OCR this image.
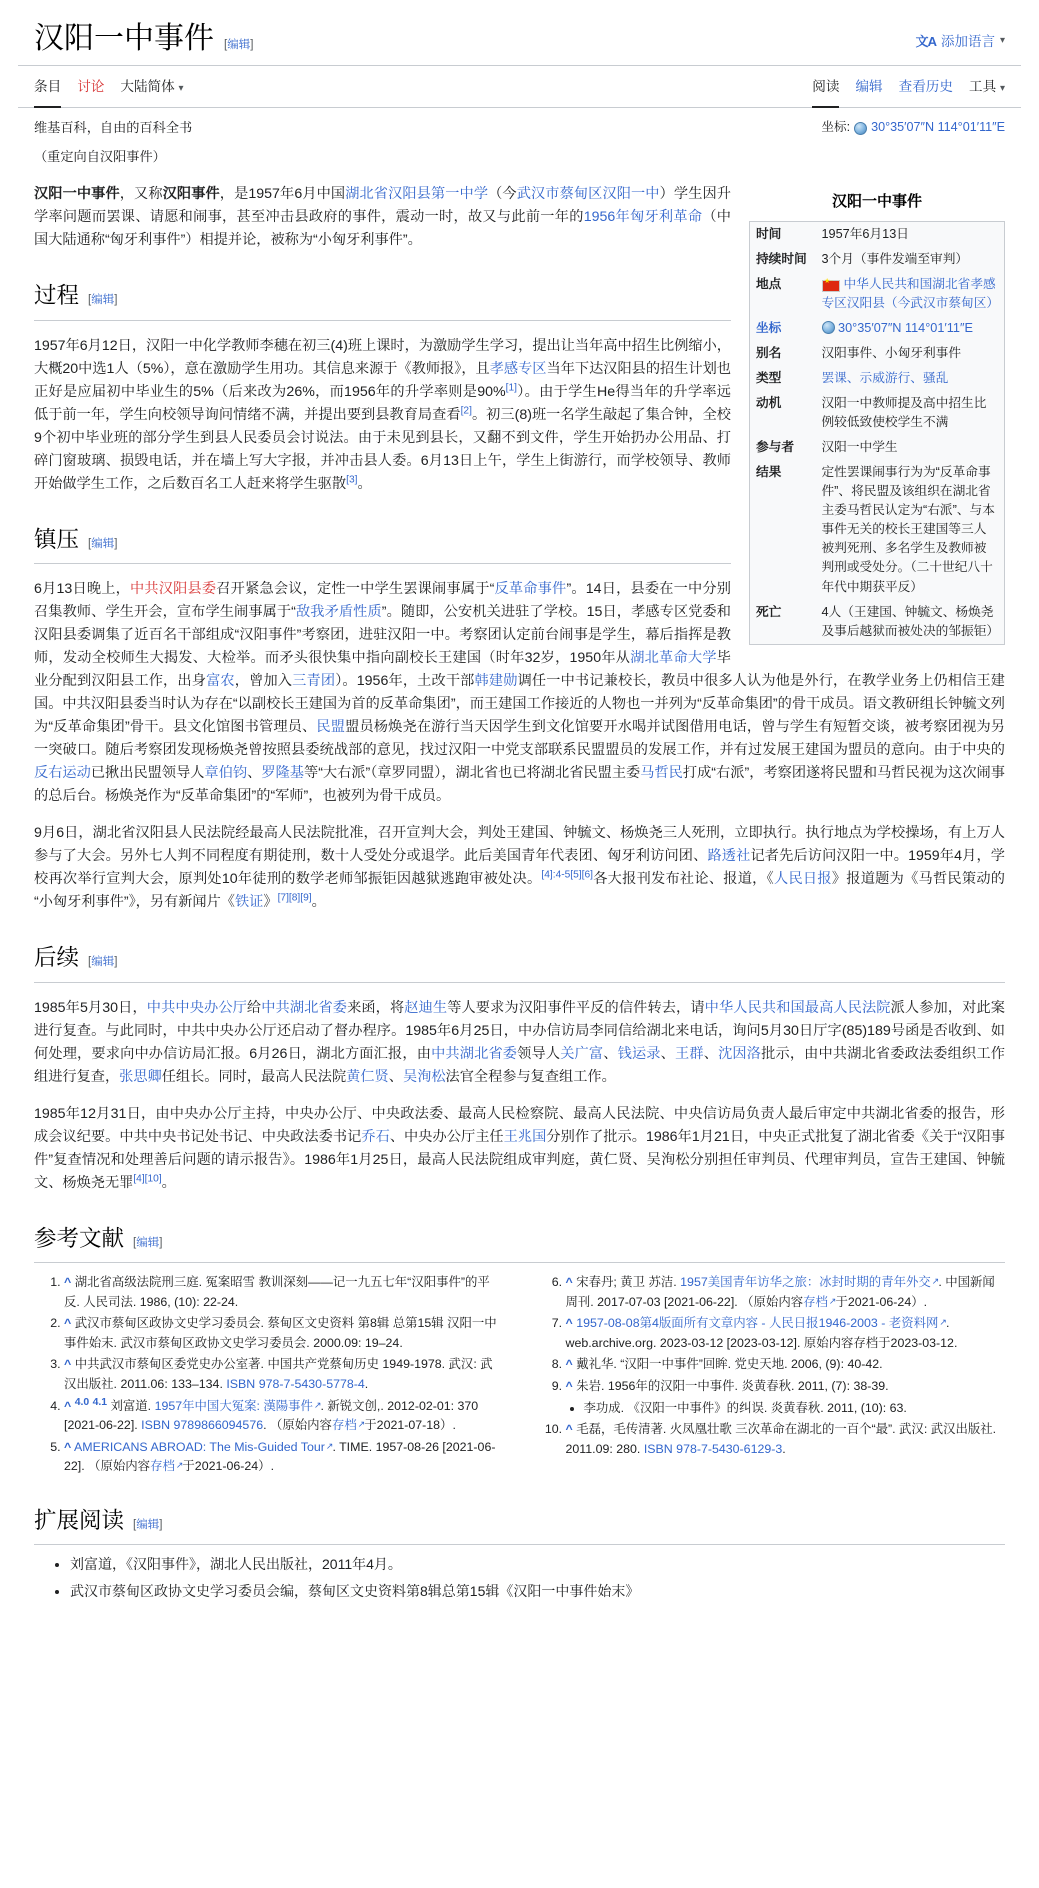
汉阳一中事件 [编辑]	文A 添加语言 ▾
条目 讨论 大陆简体 ▾	阅读 编辑 查看历史 工具 ▾
维基百科，自由的百科全书	坐标: 30°35′07″N 114°01′11″E
（重定向自汉阳事件）
汉阳一中事件
时间	1957年6月13日
持续时间	3个月（事件发端至审判）
地点	★ ···中华人民共和国湖北省孝感专区汉阳县（今武汉市蔡甸区）
坐标	30°35′07″N 114°01′11″E
别名	汉阳事件、小匈牙利事件
类型	罢课、示威游行、骚乱
动机	汉阳一中教师提及高中招生比例较低致使校学生不满
参与者	汉阳一中学生
结果	定性罢课闹事行为为“反革命事件”、将民盟及该组织在湖北省主委马哲民认定为“右派”、与本事件无关的校长王建国等三人被判死刑、多名学生及教师被判刑或受处分。（二十世纪八十年代中期获平反）
死亡	4人（王建国、钟毓文、杨焕尧及事后越狱而被处决的邹振钜）

汉阳一中事件，又称汉阳事件，是1957年6月中国湖北省汉阳县第一中学（今武汉市蔡甸区汉阳一中）学生因升学率问题而罢课、请愿和闹事，甚至冲击县政府的事件，震动一时，故又与此前一年的1956年匈牙利革命（中国大陆通称“匈牙利事件”）相提并论，被称为“小匈牙利事件”。

过程 [编辑]

1957年6月12日，汉阳一中化学教师李穗在初三(4)班上课时，为激励学生学习，提出让当年高中招生比例缩小，大概20中选1人（5%），意在激励学生用功。其信息来源于《教师报》，且孝感专区当年下达汉阳县的招生计划也正好是应届初中毕业生的5%（后来改为26%，而1956年的升学率则是90%[1]）。由于学生He得当年的升学率远低于前一年，学生向校领导询问情绪不满，并提出要到县教育局查看[2]。初三(8)班一名学生敲起了集合钟，全校9个初中毕业班的部分学生到县人民委员会讨说法。由于未见到县长，又翻不到文件，学生开始扔办公用品、打碎门窗玻璃、损毁电话，并在墙上写大字报，并冲击县人委。6月13日上午，学生上街游行，而学校领导、教师开始做学生工作，之后数百名工人赶来将学生驱散[3]。

镇压 [编辑]

6月13日晚上，中共汉阳县委召开紧急会议，定性一中学生罢课闹事属于“反革命事件”。14日，县委在一中分别召集教师、学生开会，宣布学生闹事属于“敌我矛盾性质”。随即，公安机关进驻了学校。15日，孝感专区党委和汉阳县委调集了近百名干部组成“汉阳事件”考察团，进驻汉阳一中。考察团认定前台闹事是学生，幕后指挥是教师，发动全校师生大揭发、大检举。而矛头很快集中指向副校长王建国（时年32岁，1950年从湖北革命大学毕业分配到汉阳县工作，出身富农，曾加入三青团）。1956年，土改干部韩建勋调任一中书记兼校长，教员中很多人认为他是外行，在教学业务上仍相信王建国。中共汉阳县委当时认为存在“以副校长王建国为首的反革命集团”，而王建国工作接近的人物也一并列为“反革命集团”的骨干成员。语文教研组长钟毓文列为“反革命集团”骨干。县文化馆图书管理员、民盟盟员杨焕尧在游行当天因学生到文化馆要开水喝并试图借用电话，曾与学生有短暂交谈，被考察团视为另一突破口。随后考察团发现杨焕尧曾按照县委统战部的意见，找过汉阳一中党支部联系民盟盟员的发展工作，并有过发展王建国为盟员的意向。由于中央的反右运动已揪出民盟领导人章伯钧、罗隆基等“大右派”（章罗同盟），湖北省也已将湖北省民盟主委马哲民打成“右派”，考察团遂将民盟和马哲民视为这次闹事的总后台。杨焕尧作为“反革命集团”的“军师”，也被列为骨干成员。

9月6日，湖北省汉阳县人民法院经最高人民法院批准，召开宣判大会，判处王建国、钟毓文、杨焕尧三人死刑，立即执行。执行地点为学校操场，有上万人参与了大会。另外七人判不同程度有期徒刑，数十人受处分或退学。此后美国青年代表团、匈牙利访问团、路透社记者先后访问汉阳一中。1959年4月，学校再次举行宣判大会，原判处10年徒刑的数学老师邹振钜因越狱逃跑审被处决。[4]:4-5[5][6]各大报刊发布社论、报道，《人民日报》报道题为《马哲民策动的“小匈牙利事件”》，另有新闻片《铁证》[7][8][9]。

后续 [编辑]

1985年5月30日，中共中央办公厅给中共湖北省委来函，将赵迪生等人要求为汉阳事件平反的信件转去，请中华人民共和国最高人民法院派人参加，对此案进行复查。与此同时，中共中央办公厅还启动了督办程序。1985年6月25日，中办信访局李同信给湖北来电话，询问5月30日厅字(85)189号函是否收到、如何处理，要求向中办信访局汇报。6月26日，湖北方面汇报，由中共湖北省委领导人关广富、钱运录、王群、沈因洛批示，由中共湖北省委政法委组织工作组进行复查，张思卿任组长。同时，最高人民法院黄仁贤、吴洵松法官全程参与复查组工作。

1985年12月31日，由中央办公厅主持，中央办公厅、中央政法委、最高人民检察院、最高人民法院、中央信访局负责人最后审定中共湖北省委的报告，形成会议纪要。中共中央书记处书记、中央政法委书记乔石、中央办公厅主任王兆国分别作了批示。1986年1月21日，中央正式批复了湖北省委《关于“汉阳事件”复查情况和处理善后问题的请示报告》。1986年1月25日，最高人民法院组成审判庭，黄仁贤、吴洵松分别担任审判员、代理审判员，宣告王建国、钟毓文、杨焕尧无罪[4][10]。

参考文献 [编辑]
1. ^ 湖北省高级法院刑三庭. 冤案昭雪 教训深刻——记一九五七年“汉阳事件”的平反. 人民司法. 1986, (10): 22-24.
2. ^ 武汉市蔡甸区政协文史学习委员会. 蔡甸区文史资料 第8辑 总第15辑 汉阳一中事件始末. 武汉市蔡甸区政协文史学习委员会. 2000.09: 19–24.
3. ^ 中共武汉市蔡甸区委党史办公室著. 中国共产党蔡甸历史 1949-1978. 武汉: 武汉出版社. 2011.06: 133–134. ISBN 978-7-5430-5778-4.
4. ^ $^{4.0}$ $^{4.1}$ 刘富道. 1957年中国大冤案: 漢陽事件 ↗ . 新锐文创,. 2012-02-01: 370 [2021-06-22]. ISBN 9789866094576. （原始内容存档 ↗ 于2021-07-18）.
5. ^ AMERICANS ABROAD: The Mis-Guided Tour ↗ . TIME. 1957-08-26 [2021-06-22]. （原始内容存档 ↗ 于2021-06-24）.
6. ^ 宋春丹; 黄卫 苏洁. 1957美国青年访华之旅：冰封时期的青年外交 ↗ . 中国新闻周刊. 2017-07-03 [2021-06-22]. （原始内容存档 ↗ 于2021-06-24）.
7. ^ 1957-08-08第4版面所有文章内容 - 人民日报1946-2003 - 老资料网 ↗ . web.archive.org. 2023-03-12 [2023-03-12]. 原始内容存档于2023-03-12.
8. ^ 戴礼华. “汉阳一中事件”回眸. 党史天地. 2006, (9): 40-42.
9. ^ 朱岩. 1956年的汉阳一中事件. 炎黄春秋. 2011, (7): 38-39.
• 李功成. 《汉阳一中事件》的纠误. 炎黄春秋. 2011, (10): 63.
10. ^ 毛磊，毛传清著. 火凤凰壮歌 三次革命在湖北的一百个“最”. 武汉: 武汉出版社. 2011.09: 280. ISBN 978-7-5430-6129-3.
扩展阅读 [编辑]
• 刘富道，《汉阳事件》，湖北人民出版社，2011年4月。
• 武汉市蔡甸区政协文史学习委员会编，蔡甸区文史资料第8辑总第15辑《汉阳一中事件始末》
